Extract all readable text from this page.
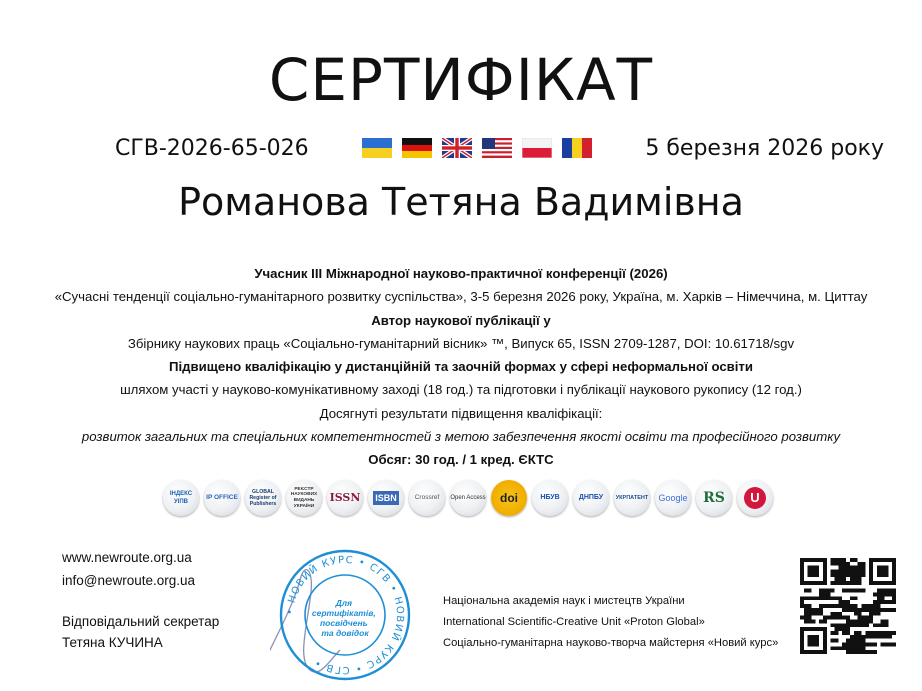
СЕРТИФІКАТ
СГВ-2026-65-026	5 березня 2026 року
Романова Тетяна Вадимівна
Учасник ІІІ Міжнародної науково-практичної конференції (2026)
«Сучасні тенденції соціально-гуманітарного розвитку суспільства», 3-5 березня 2026 року, Україна, м. Харків – Німеччина, м. Циттау
Автор наукової публікації у
Збірнику наукових праць «Соціально-гуманітарний вісник» ™, Випуск 65, ISSN 2709-1287, DOI: 10.61718/sgv
Підвищено кваліфікацію у дистанційній та заочній формах у сфері неформальної освіти
шляхом участі у науково-комунікативному заході (18 год.) та підготовки і публікації наукового рукопису (12 год.)
Досягнуті результати підвищення кваліфікації:
розвиток загальних та спеціальних компетентностей з метою забезпечення якості освіти та професійного розвитку
Обсяг: 30 год. / 1 кред. ЄКТС
ІНДЕКС УІПВ
IP OFFICE
GLOBAL Register of Publishers
РЕЄСТР НАУКОВИХ ВИДАНЬ УКРАЇНИ
ISSN ISBN	Crossref Open Access doi	НБУВ	ДНПБУ УКРПАТЕНТ Google RS	U
www.newroute.org.ua
info@newroute.org.ua
Відповідальний секретар
Тетяна КУЧИНА
• НОВИЙ КУРС • СГВ • НОВИЙ КУРС • СГВ •
Для сертифікатів, посвідчень та довідок
Національна академія наук і мистецтв України
International Scientific-Creative Unit «Proton Global»
Соціально-гуманітарна науково-творча майстерня «Новий курс»
